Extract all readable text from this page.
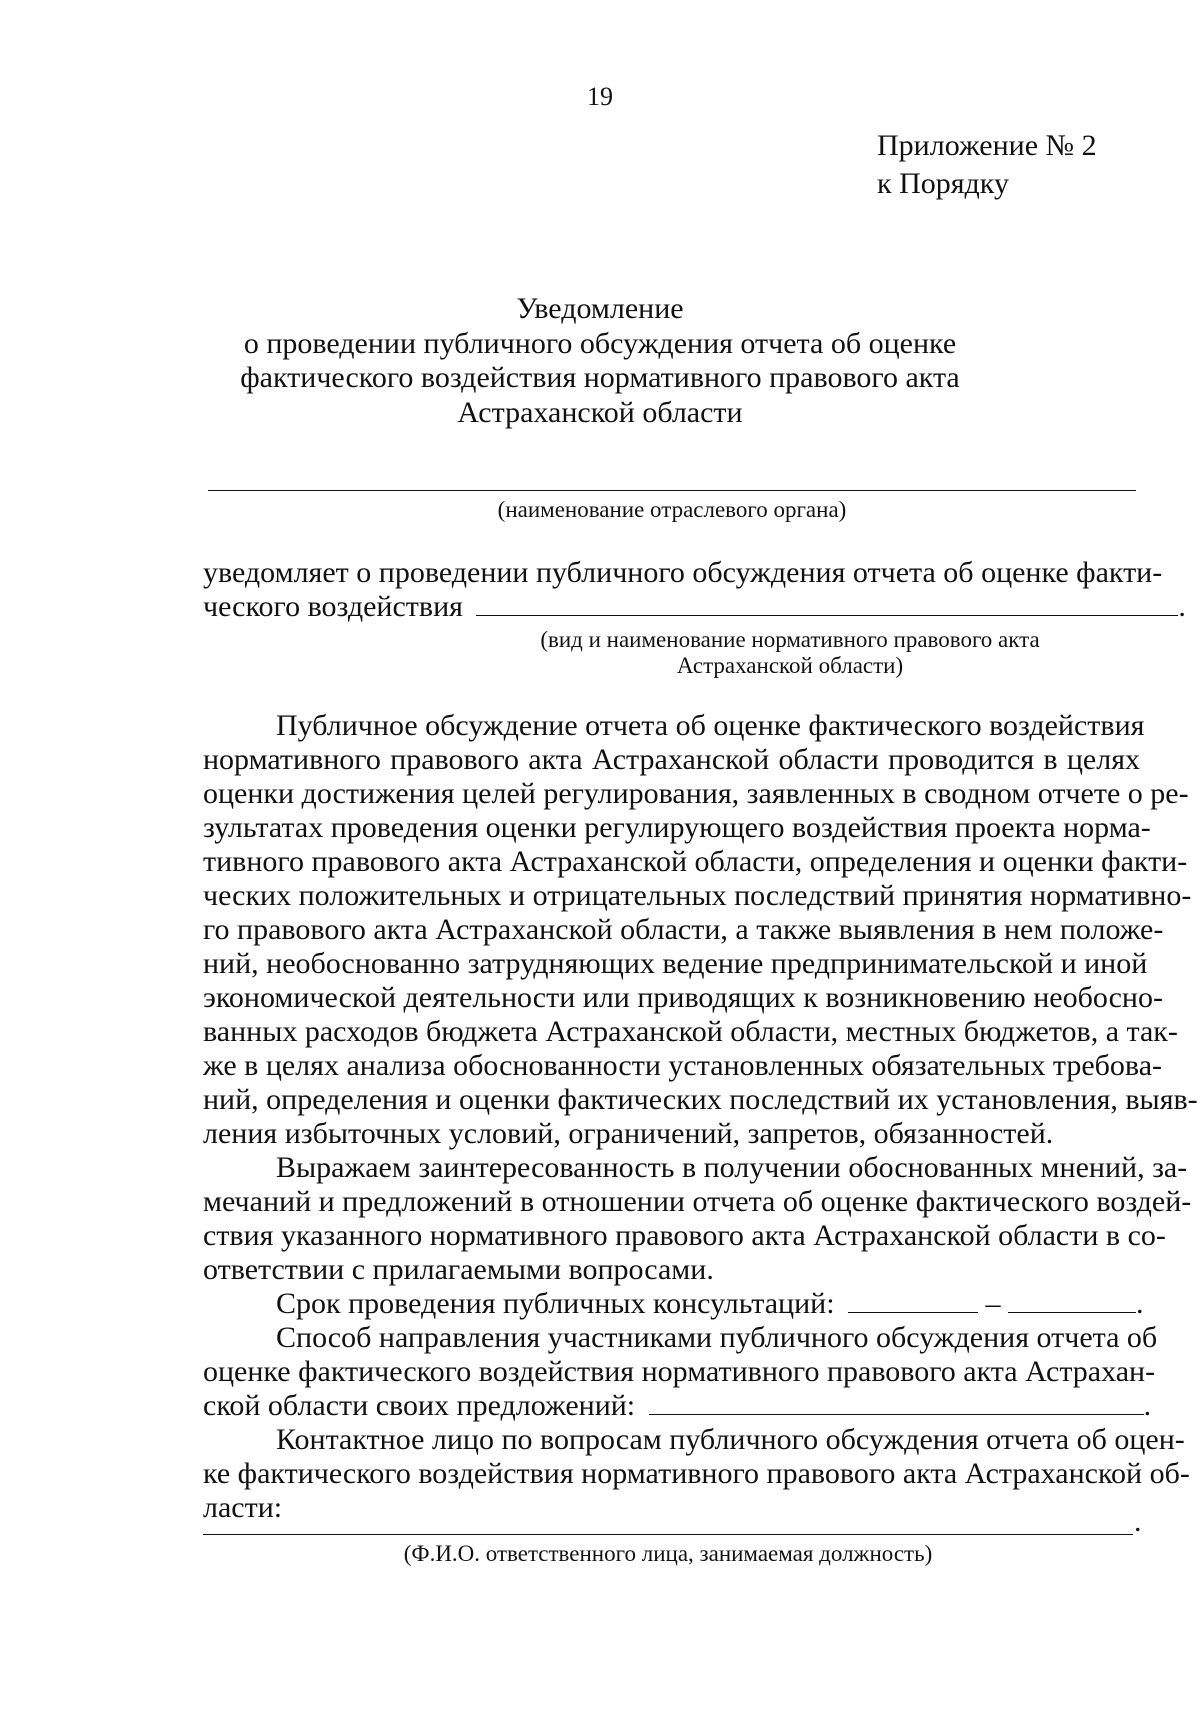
19
Приложение № 2
к Порядку
Уведомление
о проведении публичного обсуждения отчета об оценке
фактического воздействия нормативного правового акта
Астраханской области
(наименование отраслевого органа)
уведомляет о проведении публичного обсуждения отчета об оценке факти-
ческого воздействия	.
(вид и наименование нормативного правового акта
Астраханской области)
Публичное обсуждение отчета об оценке фактического воздействия
нормативного правового акта Астраханской области проводится в целях
оценки достижения целей регулирования, заявленных в сводном отчете о ре-
зультатах проведения оценки регулирующего воздействия проекта норма-
тивного правового акта Астраханской области, определения и оценки факти-
ческих положительных и отрицательных последствий принятия нормативно-
го правового акта Астраханской области, а также выявления в нем положе-
ний, необоснованно затрудняющих ведение предпринимательской и иной
экономической деятельности или приводящих к возникновению необосно-
ванных расходов бюджета Астраханской области, местных бюджетов, а так-
же в целях анализа обоснованности установленных обязательных требова-
ний, определения и оценки фактических последствий их установления, выяв-
ления избыточных условий, ограничений, запретов, обязанностей.
Выражаем заинтересованность в получении обоснованных мнений, за-
мечаний и предложений в отношении отчета об оценке фактического воздей-
ствия указанного нормативного правового акта Астраханской области в со-
ответствии с прилагаемыми вопросами.
Срок проведения публичных консультаций:	–	.
Способ направления участниками публичного обсуждения отчета об
оценке фактического воздействия нормативного правового акта Астрахан-
ской области своих предложений:	.
Контактное лицо по вопросам публичного обсуждения отчета об оцен-
ке фактического воздействия нормативного правового акта Астраханской об-
ласти:	.
(Ф.И.О. ответственного лица, занимаемая должность)
